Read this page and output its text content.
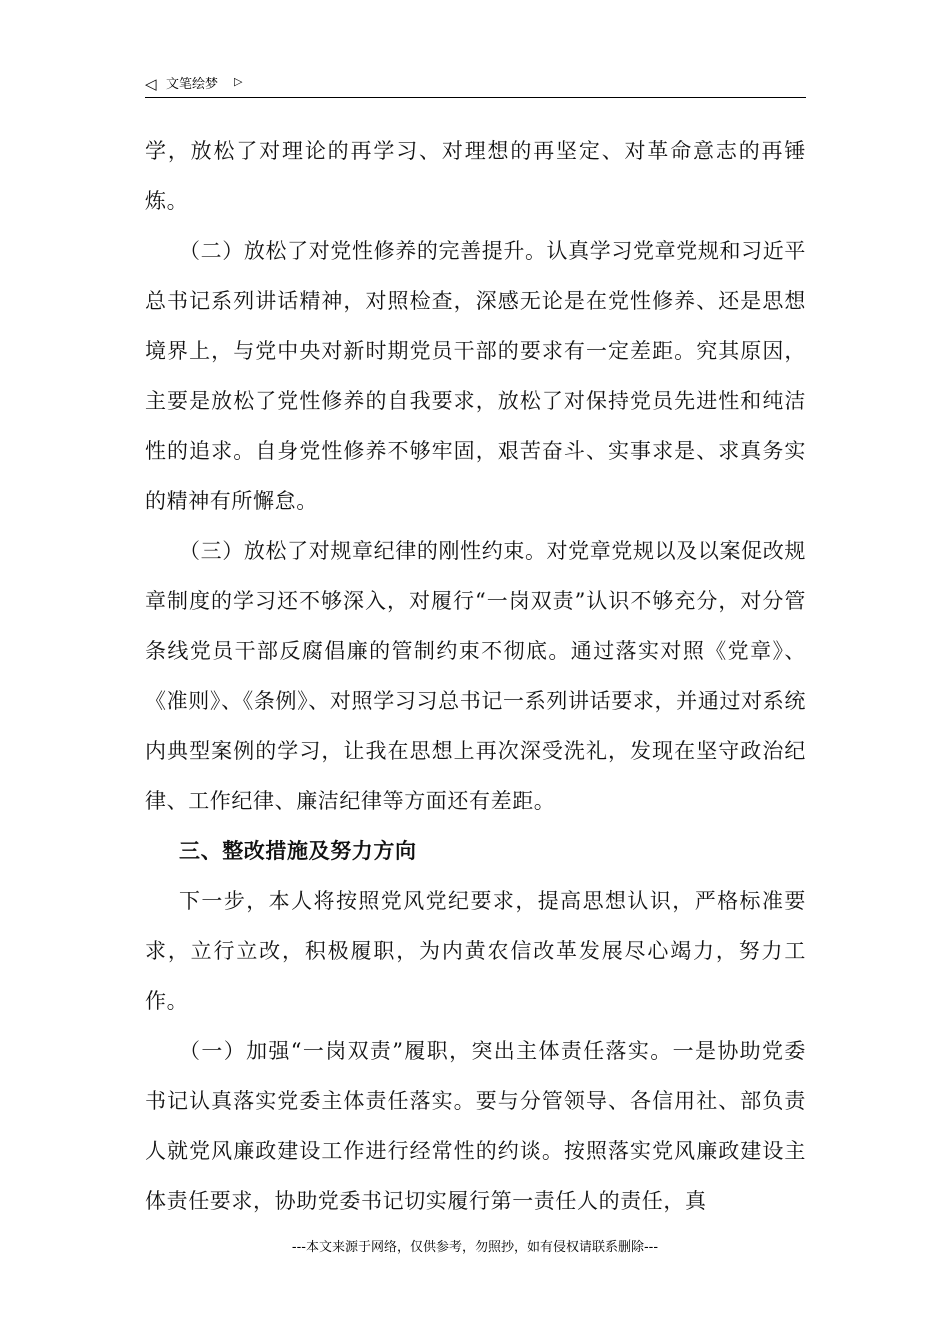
◁ 文笔绘梦 ▷

学，放松了对理论的再学习、对理想的再坚定、对革命意志的再锤炼。

（二）放松了对党性修养的完善提升。认真学习党章党规和习近平总书记系列讲话精神，对照检查，深感无论是在党性修养、还是思想境界上，与党中央对新时期党员干部的要求有一定差距。究其原因，主要是放松了党性修养的自我要求，放松了对保持党员先进性和纯洁性的追求。自身党性修养不够牢固，艰苦奋斗、实事求是、求真务实的精神有所懈怠。

（三）放松了对规章纪律的刚性约束。对党章党规以及以案促改规章制度的学习还不够深入，对履行“一岗双责”认识不够充分，对分管条线党员干部反腐倡廉的管制约束不彻底。通过落实对照《党章》、《准则》、《条例》、对照学习习总书记一系列讲话要求，并通过对系统内典型案例的学习，让我在思想上再次深受洗礼，发现在坚守政治纪律、工作纪律、廉洁纪律等方面还有差距。

三、整改措施及努力方向

下一步，本人将按照党风党纪要求，提高思想认识，严格标准要求，立行立改，积极履职，为内黄农信改革发展尽心竭力，努力工作。

（一）加强“一岗双责”履职，突出主体责任落实。一是协助党委书记认真落实党委主体责任落实。要与分管领导、各信用社、部负责人就党风廉政建设工作进行经常性的约谈。按照落实党风廉政建设主体责任要求，协助党委书记切实履行第一责任人的责任，真

---本文来源于网络，仅供参考，勿照抄，如有侵权请联系删除---
